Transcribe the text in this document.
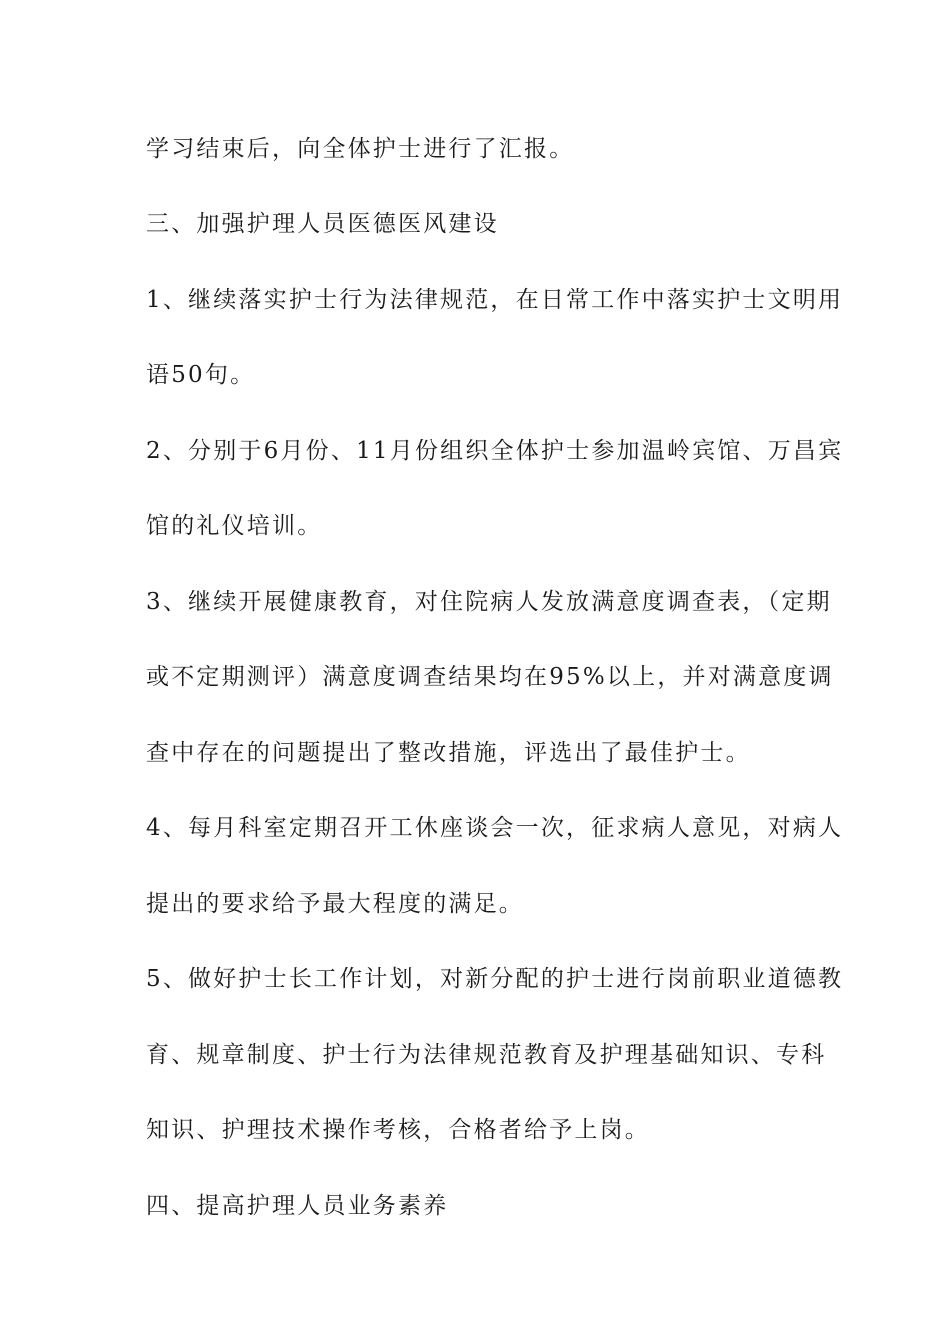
学习结束后，向全体护士进行了汇报。

三、加强护理人员医德医风建设

1、继续落实护士行为法律规范，在日常工作中落实护士文明用

语50句。

2、分别于6月份、11月份组织全体护士参加温岭宾馆、万昌宾

馆的礼仪培训。

3、继续开展健康教育，对住院病人发放满意度调查表，（定期

或不定期测评）满意度调查结果均在95%以上，并对满意度调

查中存在的问题提出了整改措施，评选出了最佳护士。

4、每月科室定期召开工休座谈会一次，征求病人意见，对病人

提出的要求给予最大程度的满足。

5、做好护士长工作计划，对新分配的护士进行岗前职业道德教

育、规章制度、护士行为法律规范教育及护理基础知识、专科

知识、护理技术操作考核，合格者给予上岗。

四、提高护理人员业务素养
